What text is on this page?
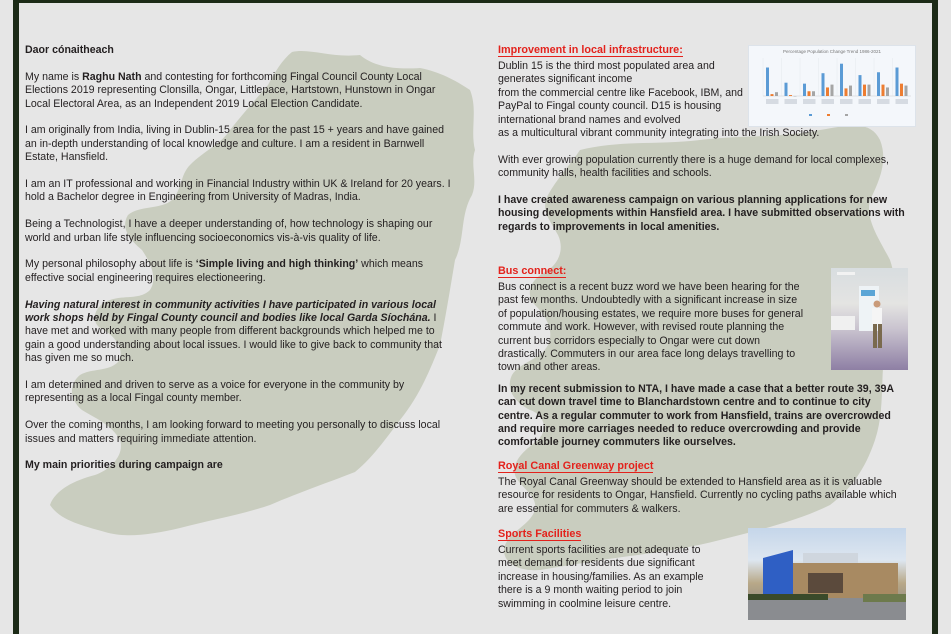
Daor cónaitheach

My name is Raghu Nath and contesting for forthcoming Fingal Council County Local Elections 2019 representing Clonsilla, Ongar, Littlepace, Hartstown, Hunstown in Ongar Local Electoral Area, as an Independent 2019 Local Election Candidate.

I am originally from India, living in Dublin-15 area for the past 15 + years and have gained an in-depth understanding of local knowledge and culture. I am a resident in Barnwell Estate, Hansfield.

I am an IT professional and working in Financial Industry within UK & Ireland for 20 years. I hold a Bachelor degree in Engineering from University of Madras, India.

Being a Technologist, I have a deeper understanding of, how technology is shaping our world and urban life style influencing socioeconomics vis-à-vis quality of life.

My personal philosophy about life is ‘Simple living and high thinking’ which means effective social engineering requires electioneering.

Having natural interest in community activities I have participated in various local work shops held by Fingal County council and bodies like local Garda Síochána. I have met and worked with many people from different backgrounds which helped me to gain a good understanding about local issues. I would like to give back to community that has given me so much.

I am determined and driven to serve as a voice for everyone in the community by representing as a local Fingal county member.

Over the coming months, I am looking forward to meeting you personally to discuss local issues and matters requiring immediate attention.

My main priorities during campaign are

Improvement in local infrastructure:

Dublin 15 is the third most populated area and generates significant income

from the commercial centre like Facebook, IBM, and PayPal to Fingal county council. D15 is housing international brand names and evolved

as a multicultural vibrant community integrating into the Irish Society.

With ever growing population currently there is a huge demand for local complexes, community halls, health facilities and schools.

I have created awareness campaign on various planning applications for new housing developments within Hansfield area. I have submitted observations with regards to improvements in local amenities.

Percentage Population Change Trend 1986-2021
Bus connect:

Bus connect is a recent buzz word we have been hearing for the past few months. Undoubtedly with a significant increase in size of population/housing estates, we require more buses for general commute and work. However, with revised route planning the current bus corridors especially to Ongar were cut down drastically. Commuters in our area face long delays travelling to town and other areas.

In my recent submission to NTA, I have made a case that a better route 39, 39A can cut down travel time to Blanchardstown centre and to continue to city centre. As a regular commuter to work from Hansfield, trains are overcrowded and require more carriages needed to reduce overcrowding and provide comfortable journey commuters like ourselves.

Royal Canal Greenway project

The Royal Canal Greenway should be extended to Hansfield area as it is valuable resource for residents to Ongar, Hansfield. Currently no cycling paths available which are essential for commuters & walkers.

Sports Facilities

Current sports facilities are not adequate to meet demand for residents due significant increase in housing/families. As an example there is a 9 month waiting period to join swimming in coolmine leisure centre.
